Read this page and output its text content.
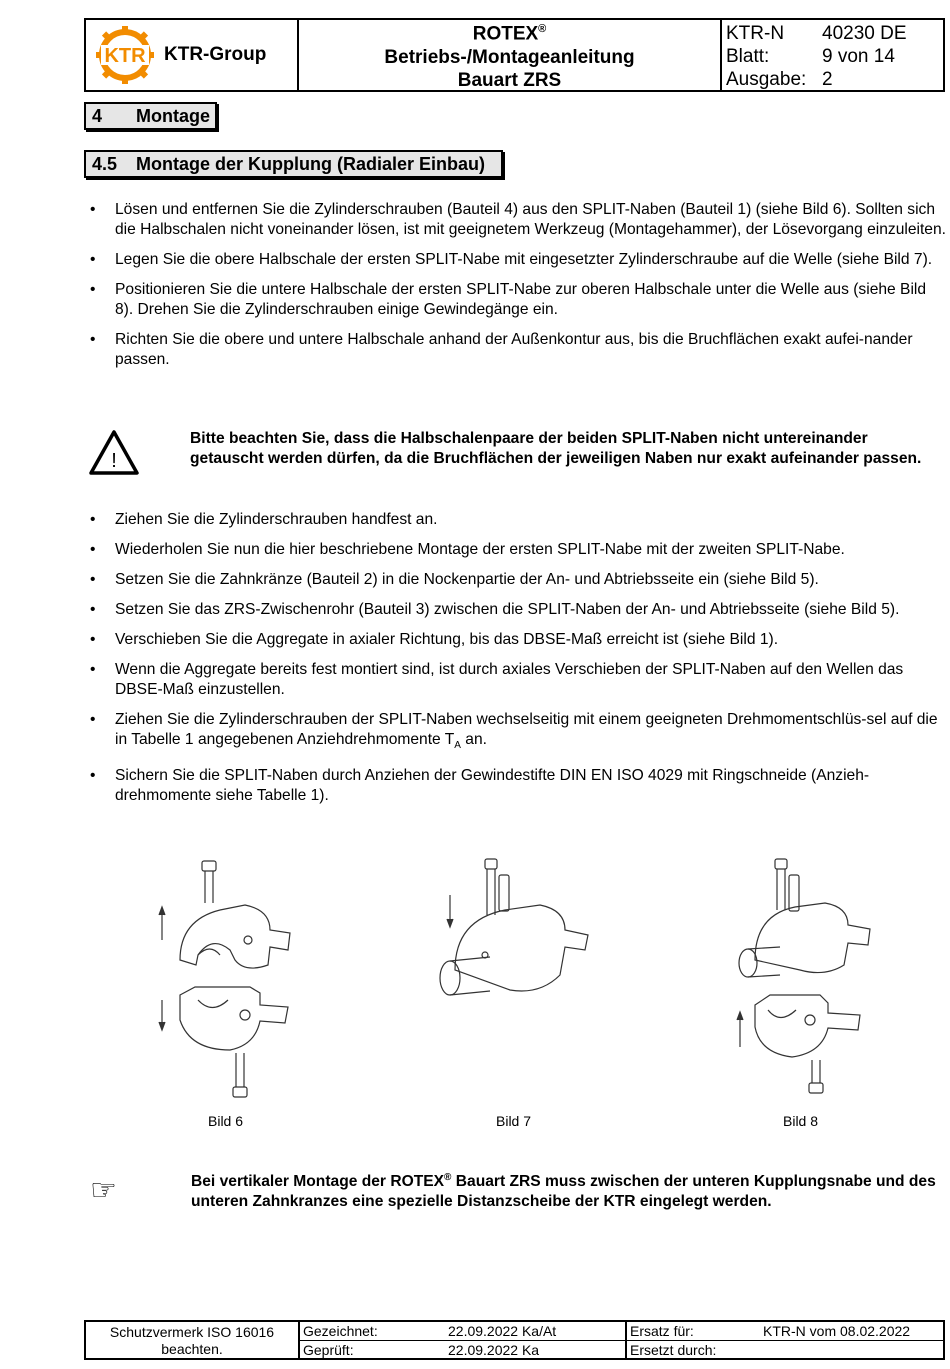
KTR KTR-Group
ROTEX®
Betriebs-/Montageanleitung
Bauart ZRS
KTR-N	40230 DE
Blatt:	9 von 14
Ausgabe: 2
4 Montage
4.5 Montage der Kupplung (Radialer Einbau)
•	Lösen und entfernen Sie die Zylinderschrauben (Bauteil 4) aus den SPLIT-Naben (Bauteil 1) (siehe Bild 6). Sollten sich die Halbschalen nicht voneinander lösen, ist mit geeignetem Werkzeug (Montagehammer), der Lösevorgang einzuleiten.
•	Legen Sie die obere Halbschale der ersten SPLIT-Nabe mit eingesetzter Zylinderschraube auf die Welle (siehe Bild 7).
•	Positionieren Sie die untere Halbschale der ersten SPLIT-Nabe zur oberen Halbschale unter die Welle aus (siehe Bild 8). Drehen Sie die Zylinderschrauben einige Gewindegänge ein.
•	Richten Sie die obere und untere Halbschale anhand der Außenkontur aus, bis die Bruchflächen exakt aufei-nander passen.
!
Bitte beachten Sie, dass die Halbschalenpaare der beiden SPLIT-Naben nicht untereinander getauscht werden dürfen, da die Bruchflächen der jeweiligen Naben nur exakt aufeinander passen.
•	Ziehen Sie die Zylinderschrauben handfest an.
•	Wiederholen Sie nun die hier beschriebene Montage der ersten SPLIT-Nabe mit der zweiten SPLIT-Nabe.
•	Setzen Sie die Zahnkränze (Bauteil 2) in die Nockenpartie der An- und Abtriebsseite ein (siehe Bild 5).
•	Setzen Sie das ZRS-Zwischenrohr (Bauteil 3) zwischen die SPLIT-Naben der An- und Abtriebsseite (siehe Bild 5).
•	Verschieben Sie die Aggregate in axialer Richtung, bis das DBSE-Maß erreicht ist (siehe Bild 1).
•	Wenn die Aggregate bereits fest montiert sind, ist durch axiales Verschieben der SPLIT-Naben auf den Wellen das DBSE-Maß einzustellen.
•	Ziehen Sie die Zylinderschrauben der SPLIT-Naben wechselseitig mit einem geeigneten Drehmomentschlüs-sel auf die in Tabelle 1 angegebenen Anziehdrehmomente $T_A$ an.
•	Sichern Sie die SPLIT-Naben durch Anziehen der Gewindestifte DIN EN ISO 4029 mit Ringschneide (Anzieh-drehmomente siehe Tabelle 1).
Bild 6	Bild 7	Bild 8
☞	Bei vertikaler Montage der ROTEX® Bauart ZRS muss zwischen der unteren Kupplungsnabe und des unteren Zahnkranzes eine spezielle Distanzscheibe der KTR eingelegt werden.
Schutzvermerk ISO 16016 beachten.
Gezeichnet:	22.09.2022 Ka/At
Geprüft:	22.09.2022 Ka
Ersatz für:	KTR-N vom 08.02.2022
Ersetzt durch:
